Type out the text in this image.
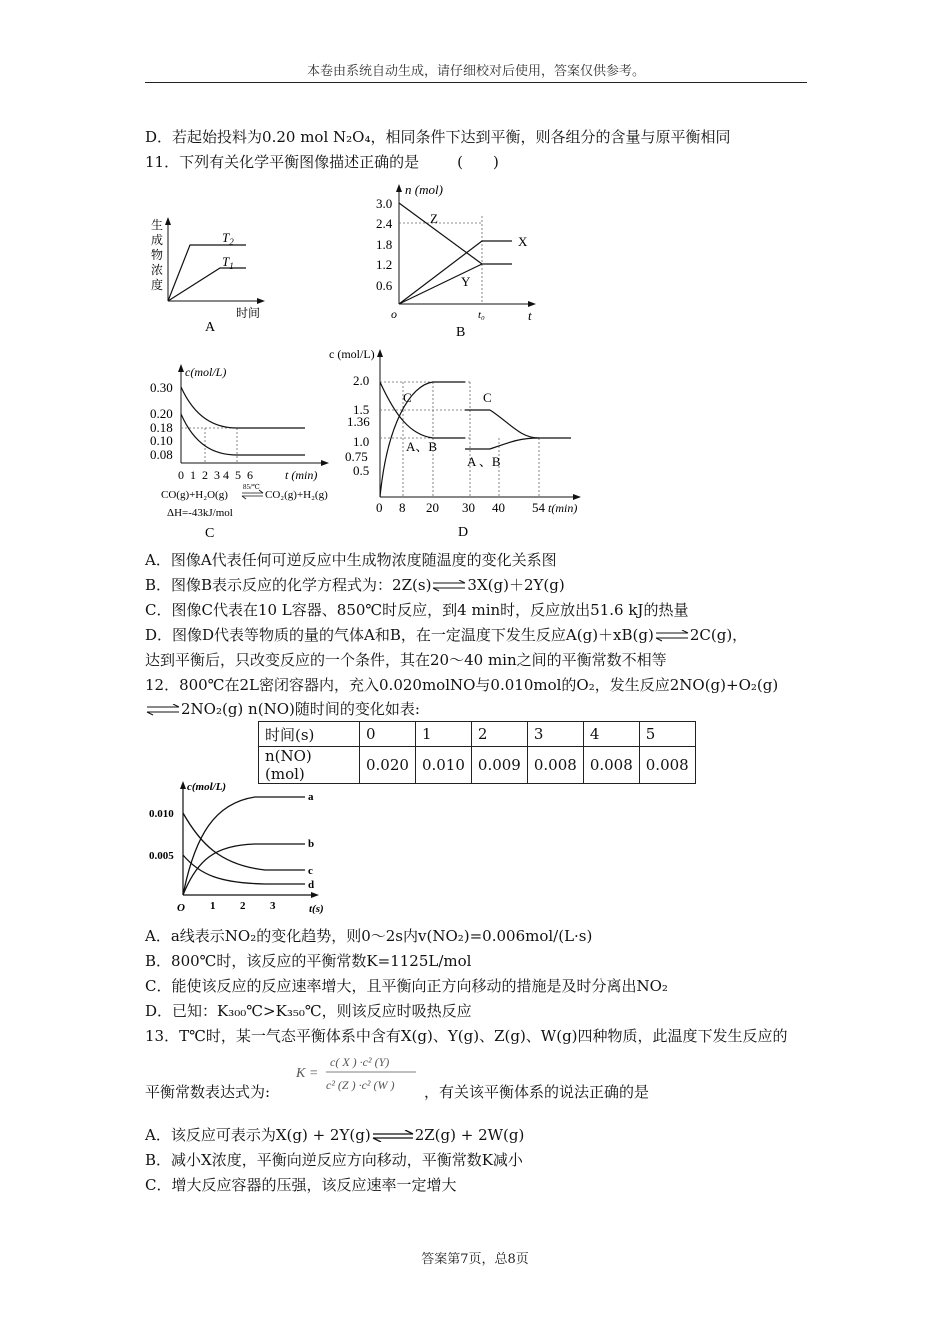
本卷由系统自动生成，请仔细校对后使用，答案仅供参考。
D．若起始投料为0.20 mol N₂O₄，相同条件下达到平衡，则各组分的含量与原平衡相同
11．下列有关化学平衡图像描述正确的是	(　　)
生
成
物
浓
度
$T_2$
$T_1$
时间
A
n (mol)
3.0
2.4
1.8
1.2
0.6
Z
X
Y
o	t₀	t
B
c(mol/L)
0.30
0.20
0.18
0.10
0.08
0  1  2  3 4  5  6	t (min)
CO(g)+H₂O(g)
85/℃
CO₂(g)+H₂(g)
ΔH=-43kJ/mol
C
c (mol/L)
2.0
1.5
1.36
1.0
0.75
0.5
C
A、B
C
A 、B
0 8 20 30 40 54 t(min)
D
A．图像A代表任何可逆反应中生成物浓度随温度的变化关系图
B．图像B表示反应的化学方程式为：2Z(s)⇌3X(g)＋2Y(g)
C．图像C代表在10 L容器、850℃时反应，到4 min时，反应放出51.6 kJ的热量
D．图像D代表等物质的量的气体A和B，在一定温度下发生反应A(g)＋xB(g)⇌2C(g)，
达到平衡后，只改变反应的一个条件，其在20～40 min之间的平衡常数不相等
12．800℃在2L密闭容器内，充入0.020molNO与0.010mol的O₂，发生反应2NO(g)+O₂(g)
⇌2NO₂(g) n(NO)随时间的变化如表:
时间(s)	0	1	2	3	4	5
n(NO) (mol)	0.020	0.010	0.009	0.008	0.008	0.008
c(mol/L)
0.010
0.005
a
b
c
d
O 1 2 3	t(s)
A．a线表示NO₂的变化趋势，则0～2s内v(NO₂)=0.006mol/(L·s)
B．800℃时，该反应的平衡常数K=1125L/mol
C．能使该反应的反应速率增大，且平衡向正方向移动的措施是及时分离出NO₂
D．已知：K₃₀₀℃>K₃₅₀℃，则该反应时吸热反应
13．T℃时，某一气态平衡体系中含有X(g)、Y(g)、Z(g)、W(g)四种物质，此温度下发生反应的
平衡常数表达式为:
K =
c( X ) ·c² (Y)
c² (Z ) ·c² (W ) ，有关该平衡体系的说法正确的是
A．该反应可表示为X(g) + 2Y(g)⇌2Z(g) + 2W(g)
B．减小X浓度，平衡向逆反应方向移动，平衡常数K减小
C．增大反应容器的压强，该反应速率一定增大
答案第7页，总8页
